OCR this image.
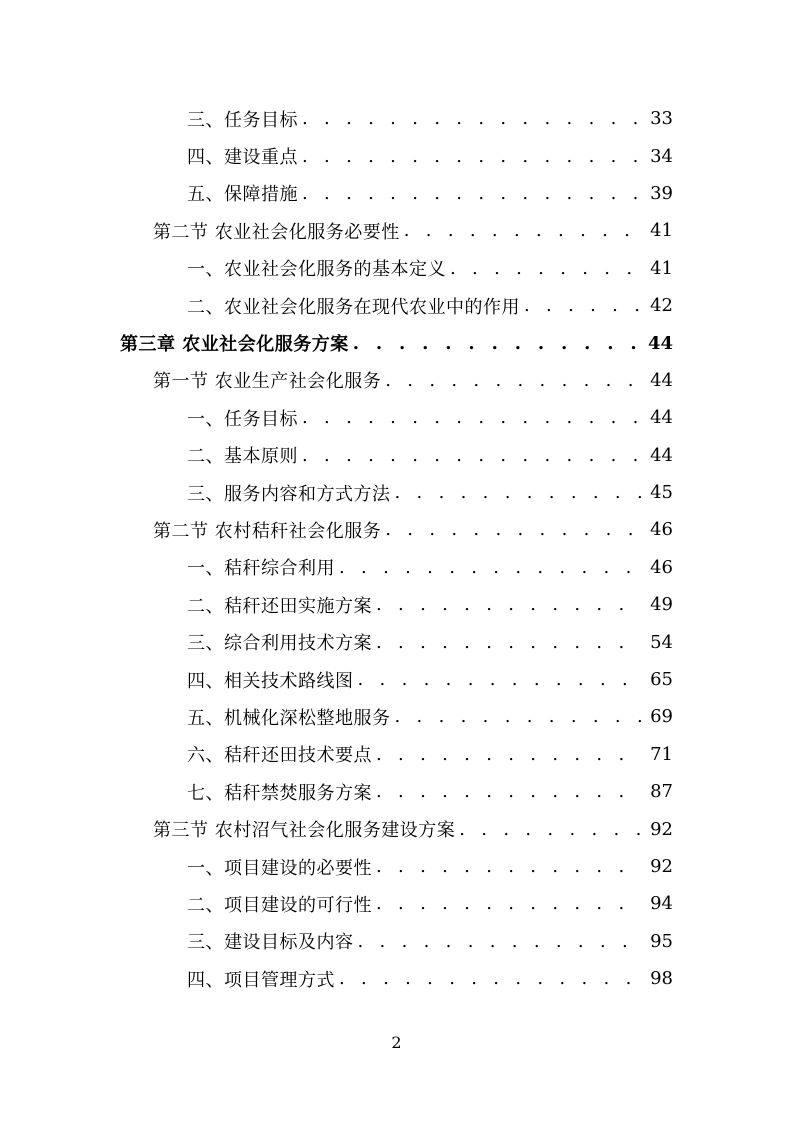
三、任务目标 . . .	33
四、建设重点 . . .	34
五、保障措施 . . .	39
第二节 农业社会化服务必要性 . . .	41
一、农业社会化服务的基本定义 . . .	41
二、农业社会化服务在现代农业中的作用 . . .	42
第三章 农业社会化服务方案 . . .	44
第一节 农业生产社会化服务 . . .	44
一、任务目标 . . .	44
二、基本原则 . . .	44
三、服务内容和方式方法 . . .	45
第二节 农村秸秆社会化服务 . . .	46
一、秸秆综合利用 . . .	46
二、秸秆还田实施方案 . . .	49
三、综合利用技术方案 . . .	54
四、相关技术路线图 . . .	65
五、机械化深松整地服务 . . .	69
六、秸秆还田技术要点 . . .	71
七、秸秆禁焚服务方案 . . .	87
第三节 农村沼气社会化服务建设方案 . . .	92
一、项目建设的必要性 . . .	92
二、项目建设的可行性 . . .	94
三、建设目标及内容 . . .	95
四、项目管理方式 . . .	98
2
